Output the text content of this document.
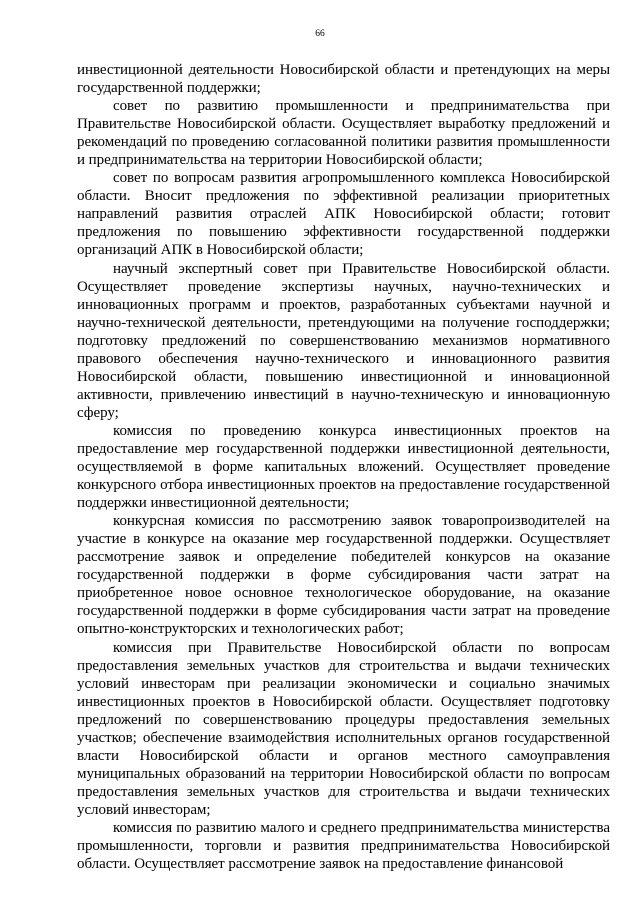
66

инвестиционной деятельности Новосибирской области и претендующих на меры государственной поддержки;

совет по развитию промышленности и предпринимательства при Правительстве Новосибирской области. Осуществляет выработку предложений и рекомендаций по проведению согласованной политики развития промышленности и предпринимательства на территории Новосибирской области;

совет по вопросам развития агропромышленного комплекса Новосибирской области. Вносит предложения по эффективной реализации приоритетных направлений развития отраслей АПК Новосибирской области; готовит предложения по повышению эффективности государственной поддержки организаций АПК в Новосибирской области;

научный экспертный совет при Правительстве Новосибирской области. Осуществляет проведение экспертизы научных, научно-технических и инновационных программ и проектов, разработанных субъектами научной и научно-технической деятельности, претендующими на получение господдержки; подготовку предложений по совершенствованию механизмов нормативного правового обеспечения научно-технического и инновационного развития Новосибирской области, повышению инвестиционной и инновационной активности, привлечению инвестиций в научно-техническую и инновационную сферу;

комиссия по проведению конкурса инвестиционных проектов на предоставление мер государственной поддержки инвестиционной деятельности, осуществляемой в форме капитальных вложений. Осуществляет проведение конкурсного отбора инвестиционных проектов на предоставление государственной поддержки инвестиционной деятельности;

конкурсная комиссия по рассмотрению заявок товаропроизводителей на участие в конкурсе на оказание мер государственной поддержки. Осуществляет рассмотрение заявок и определение победителей конкурсов на оказание государственной поддержки в форме субсидирования части затрат на приобретенное новое основное технологическое оборудование, на оказание государственной поддержки в форме субсидирования части затрат на проведение опытно-конструкторских и технологических работ;

комиссия при Правительстве Новосибирской области по вопросам предоставления земельных участков для строительства и выдачи технических условий инвесторам при реализации экономически и социально значимых инвестиционных проектов в Новосибирской области. Осуществляет подготовку предложений по совершенствованию процедуры предоставления земельных участков; обеспечение взаимодействия исполнительных органов государственной власти Новосибирской области и органов местного самоуправления муниципальных образований на территории Новосибирской области по вопросам предоставления земельных участков для строительства и выдачи технических условий инвесторам;

комиссия по развитию малого и среднего предпринимательства министерства промышленности, торговли и развития предпринимательства Новосибирской области. Осуществляет рассмотрение заявок на предоставление финансовой
